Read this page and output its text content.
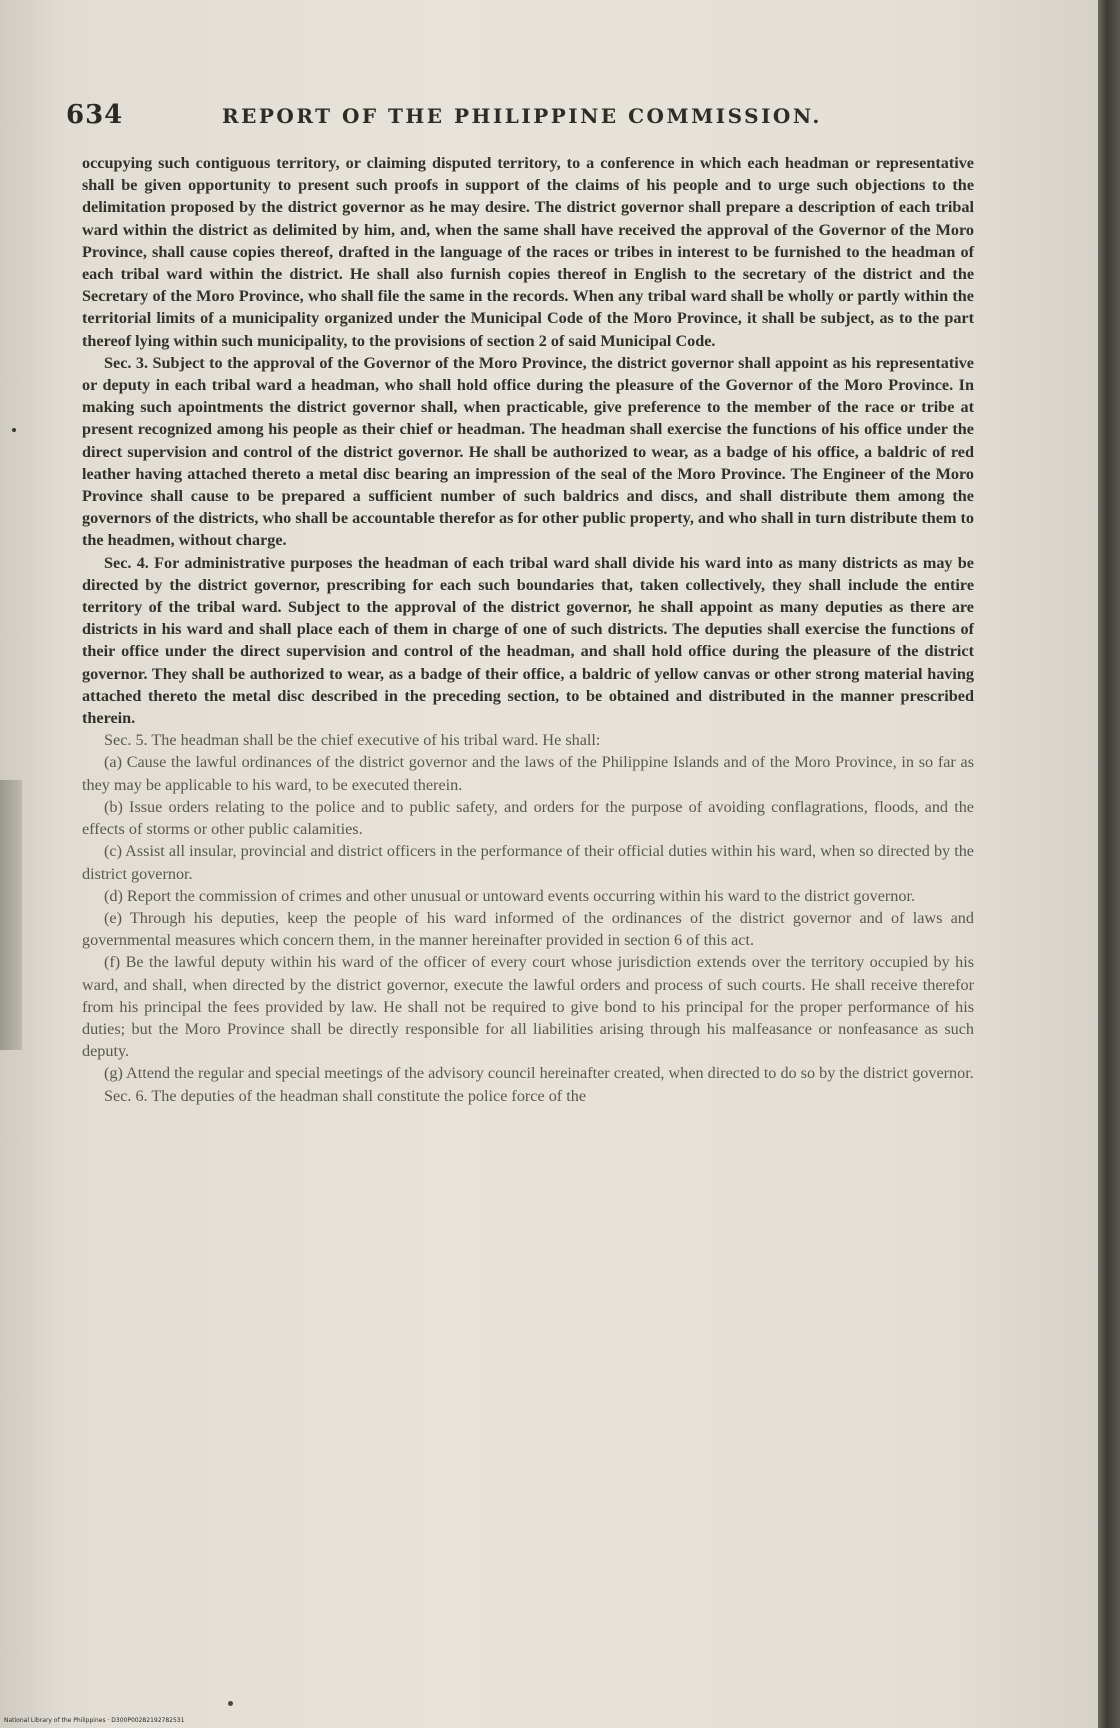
634	REPORT OF THE PHILIPPINE COMMISSION.

occupying such contiguous territory, or claiming disputed territory, to a conference in which each headman or representative shall be given opportunity to present such proofs in support of the claims of his people and to urge such objections to the delimitation proposed by the district governor as he may desire. The district governor shall prepare a description of each tribal ward within the district as delimited by him, and, when the same shall have received the approval of the Governor of the Moro Province, shall cause copies thereof, drafted in the language of the races or tribes in interest to be furnished to the headman of each tribal ward within the district. He shall also furnish copies thereof in English to the secretary of the district and the Secretary of the Moro Province, who shall file the same in the records. When any tribal ward shall be wholly or partly within the territorial limits of a municipality organized under the Municipal Code of the Moro Province, it shall be subject, as to the part thereof lying within such municipality, to the provisions of section 2 of said Municipal Code.

Sec. 3. Subject to the approval of the Governor of the Moro Province, the district governor shall appoint as his representative or deputy in each tribal ward a headman, who shall hold office during the pleasure of the Governor of the Moro Province. In making such apointments the district governor shall, when practicable, give preference to the member of the race or tribe at present recognized among his people as their chief or headman. The headman shall exercise the functions of his office under the direct supervision and control of the district governor. He shall be authorized to wear, as a badge of his office, a baldric of red leather having attached thereto a metal disc bearing an impression of the seal of the Moro Province. The Engineer of the Moro Province shall cause to be prepared a sufficient number of such baldrics and discs, and shall distribute them among the governors of the districts, who shall be accountable therefor as for other public property, and who shall in turn distribute them to the headmen, without charge.

Sec. 4. For administrative purposes the headman of each tribal ward shall divide his ward into as many districts as may be directed by the district governor, prescribing for each such boundaries that, taken collectively, they shall include the entire territory of the tribal ward. Subject to the approval of the district governor, he shall appoint as many deputies as there are districts in his ward and shall place each of them in charge of one of such districts. The deputies shall exercise the functions of their office under the direct supervision and control of the headman, and shall hold office during the pleasure of the district governor. They shall be authorized to wear, as a badge of their office, a baldric of yellow canvas or other strong material having attached thereto the metal disc described in the preceding section, to be obtained and distributed in the manner prescribed therein.

Sec. 5. The headman shall be the chief executive of his tribal ward. He shall:

(a) Cause the lawful ordinances of the district governor and the laws of the Philippine Islands and of the Moro Province, in so far as they may be applicable to his ward, to be executed therein.

(b) Issue orders relating to the police and to public safety, and orders for the purpose of avoiding conflagrations, floods, and the effects of storms or other public calamities.

(c) Assist all insular, provincial and district officers in the performance of their official duties within his ward, when so directed by the district governor.

(d) Report the commission of crimes and other unusual or untoward events occurring within his ward to the district governor.

(e) Through his deputies, keep the people of his ward informed of the ordinances of the district governor and of laws and governmental measures which concern them, in the manner hereinafter provided in section 6 of this act.

(f) Be the lawful deputy within his ward of the officer of every court whose jurisdiction extends over the territory occupied by his ward, and shall, when directed by the district governor, execute the lawful orders and process of such courts. He shall receive therefor from his principal the fees provided by law. He shall not be required to give bond to his principal for the proper performance of his duties; but the Moro Province shall be directly responsible for all liabilities arising through his malfeasance or nonfeasance as such deputy.

(g) Attend the regular and special meetings of the advisory council hereinafter created, when directed to do so by the district governor.

Sec. 6. The deputies of the headman shall constitute the police force of the

National Library of the Philippines · D300P00282192782531
